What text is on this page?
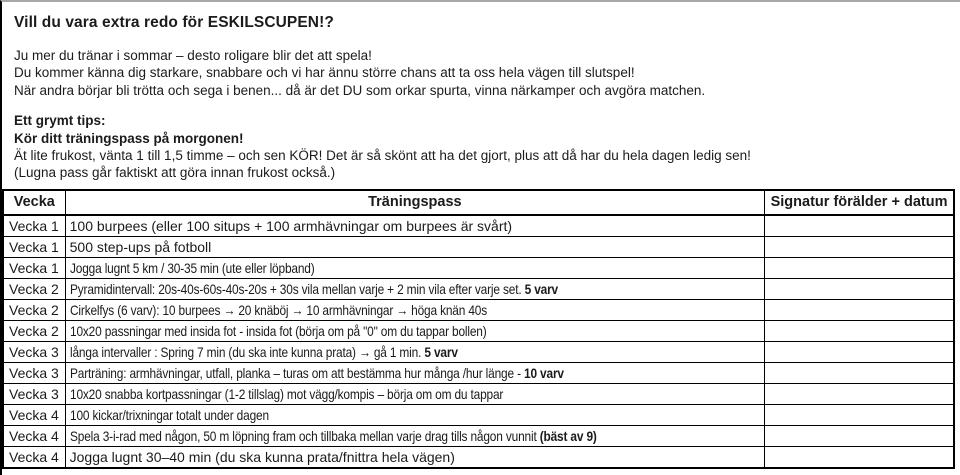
Vill du vara extra redo för ESKILSCUPEN!?
Ju mer du tränar i sommar – desto roligare blir det att spela!
Du kommer känna dig starkare, snabbare och vi har ännu större chans att ta oss hela vägen till slutspel!
När andra börjar bli trötta och sega i benen... då är det DU som orkar spurta, vinna närkamper och avgöra matchen.
Ett grymt tips:
Kör ditt träningspass på morgonen!
Ät lite frukost, vänta 1 till 1,5 timme – och sen KÖR! Det är så skönt att ha det gjort, plus att då har du hela dagen ledig sen!
(Lugna pass går faktiskt att göra innan frukost också.)
Vecka	Träningspass	Signatur förälder + datum
Vecka 1	100 burpees (eller 100 situps + 100 armhävningar om burpees är svårt)	
Vecka 1	500 step-ups på fotboll	
Vecka 1	Jogga lugnt 5 km / 30-35 min (ute eller löpband)	
Vecka 2	Pyramidintervall: 20s-40s-60s-40s-20s + 30s vila mellan varje + 2 min vila efter varje set. 5 varv	
Vecka 2	Cirkelfys (6 varv): 10 burpees → 20 knäböj → 10 armhävningar → höga knän 40s	
Vecka 2	10x20 passningar med insida fot - insida fot (börja om på "0" om du tappar bollen)	
Vecka 3	långa intervaller : Spring 7 min (du ska inte kunna prata) → gå 1 min. 5 varv	
Vecka 3	Parträning: armhävningar, utfall, planka – turas om att bestämma hur många /hur länge - 10 varv	
Vecka 3	10x20 snabba kortpassningar (1-2 tillslag) mot vägg/kompis – börja om om du tappar	
Vecka 4	100 kickar/trixningar totalt under dagen	
Vecka 4	Spela 3-i-rad med någon, 50 m löpning fram och tillbaka mellan varje drag tills någon vunnit (bäst av 9)	
Vecka 4	Jogga lugnt 30–40 min (du ska kunna prata/fnittra hela vägen)	
